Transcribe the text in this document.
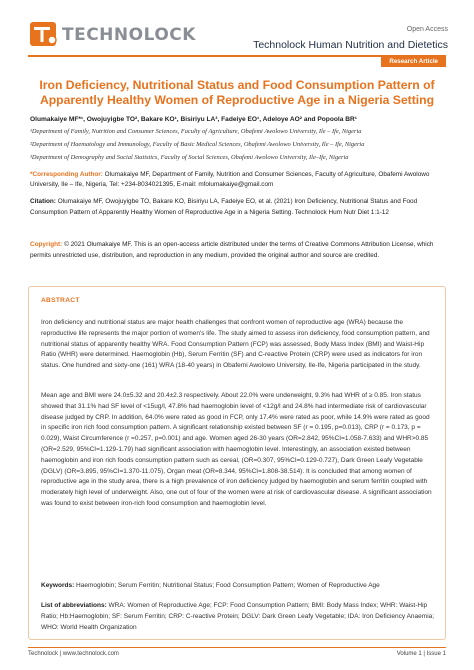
TECHNOLOCK	Open Access
Technolock Human Nutrition and Dietetics
Research Article
Iron Deficiency, Nutritional Status and Food Consumption Pattern of Apparently Healthy Women of Reproductive Age in a Nigeria Setting
Olumakaiye MF*¹, Owojuyigbe TO², Bakare KO¹, Bisiriyu LA³, Fadeiye EO¹, Adeloye AO² and Popoola BR¹
¹Department of Family, Nutrition and Consumer Sciences, Faculty of Agriculture, Obafemi Awolowo University, Ile – Ife, Nigeria
²Department of Haematology and Immunology, Faculty of Basic Medical Sciences, Obafemi Awolowo University, Ile – Ife, Nigeria
³Department of Demography and Social Statistics, Faculty of Social Sciences, Obafemi Awolowo University, Ile–Ife, Nigeria
*Corresponding Author: Olumakaiye MF, Department of Family, Nutrition and Consumer Sciences, Faculty of Agriculture, Obafemi Awolowo University, Ile – Ife, Nigeria, Tel: +234-8034021395, E-mail: mfolumakaiye@gmail.com
Citation: Olumakaiye MF, Owojuyigbe TO, Bakare KO, Bisiriyu LA, Fadeiye EO, et al. (2021) Iron Deficiency, Nutritional Status and Food Consumption Pattern of Apparently Healthy Women of Reproductive Age in a Nigeria Setting. Technolock Hum Nutr Diet 1:1-12
Copyright: © 2021 Olumakaiye MF. This is an open-access article distributed under the terms of Creative Commons Attribution License, which permits unrestricted use, distribution, and reproduction in any medium, provided the original author and source are credited.
ABSTRACT
Iron deficiency and nutritional status are major health challenges that confront women of reproductive age (WRA) because the reproductive life represents the major portion of women's life. The study aimed to assess iron deficiency, food consumption pattern, and nutritional status of apparently healthy WRA. Food Consumption Pattern (FCP) was assessed, Body Mass Index (BMI) and Waist-Hip Ratio (WHR) were determined. Haemoglobin (Hb), Serum Ferritin (SF) and C-reactive Protein (CRP) were used as indicators for iron status. One hundred and sixty-one (161) WRA (18-40 years) in Obafemi Awolowo University, Ile-Ife, Nigeria participated in the study.
Mean age and BMI were 24.0±5.32 and 20.4±2.3 respectively. About 22.0% were underweight, 9.3% had WHR of ≥ 0.85. Iron status showed that 31.1% had SF level of <15ug/l, 47.8% had haemoglobin level of <12g/l and 24.8% had intermediate risk of cardiovascular disease judged by CRP. In addition, 64.0% were rated as good in FCP, only 17.4% were rated as poor, while 14.9% were rated as good in specific iron rich food consumption pattern. A significant relationship existed between SF (r = 0.195, p=0.013), CRP (r = 0.173, p = 0.029), Waist Circumference (r =0.257, p=0.001) and age. Women aged 26-30 years (OR=2.842, 95%CI=1.058-7.633) and WHR>0.85 (OR=2.529, 95%CI=1.129-1.79) had significant association with haemoglobin level. Interestingly, an association existed between haemoglobin and iron rich foods consumption pattern such as cereal, (OR=0.307, 95%CI=0.129-0.727), Dark Green Leafy Vegetable (DGLV) (OR=3.895, 95%CI=1.370-11.075), Organ meat (OR=8.344, 95%CI=1.808-38.514). It is concluded that among women of reproductive age in the study area, there is a high prevalence of iron deficiency judged by haemoglobin and serum ferritin coupled with moderately high level of underweight. Also, one out of four of the women were at risk of cardiovascular disease. A significant association was found to exist between iron-rich food consumption and haemoglobin level.
Keywords: Haemoglobin; Serum Ferritin; Nutritional Status; Food Consumption Pattern; Women of Reproductive Age
List of abbreviations: WRA: Women of Reproductive Age; FCP: Food Consumption Pattern; BMI: Body Mass Index; WHR: Waist-Hip Ratio; Hb:Haemoglobin; SF: Serum Ferritin; CRP: C-reactive Protein; DGLV: Dark Green Leafy Vegetable; IDA: Iron Deficiency Anaemia; WHO: World Health Organization
Technolock | www.technolock.com	Volume 1 | Issue 1
